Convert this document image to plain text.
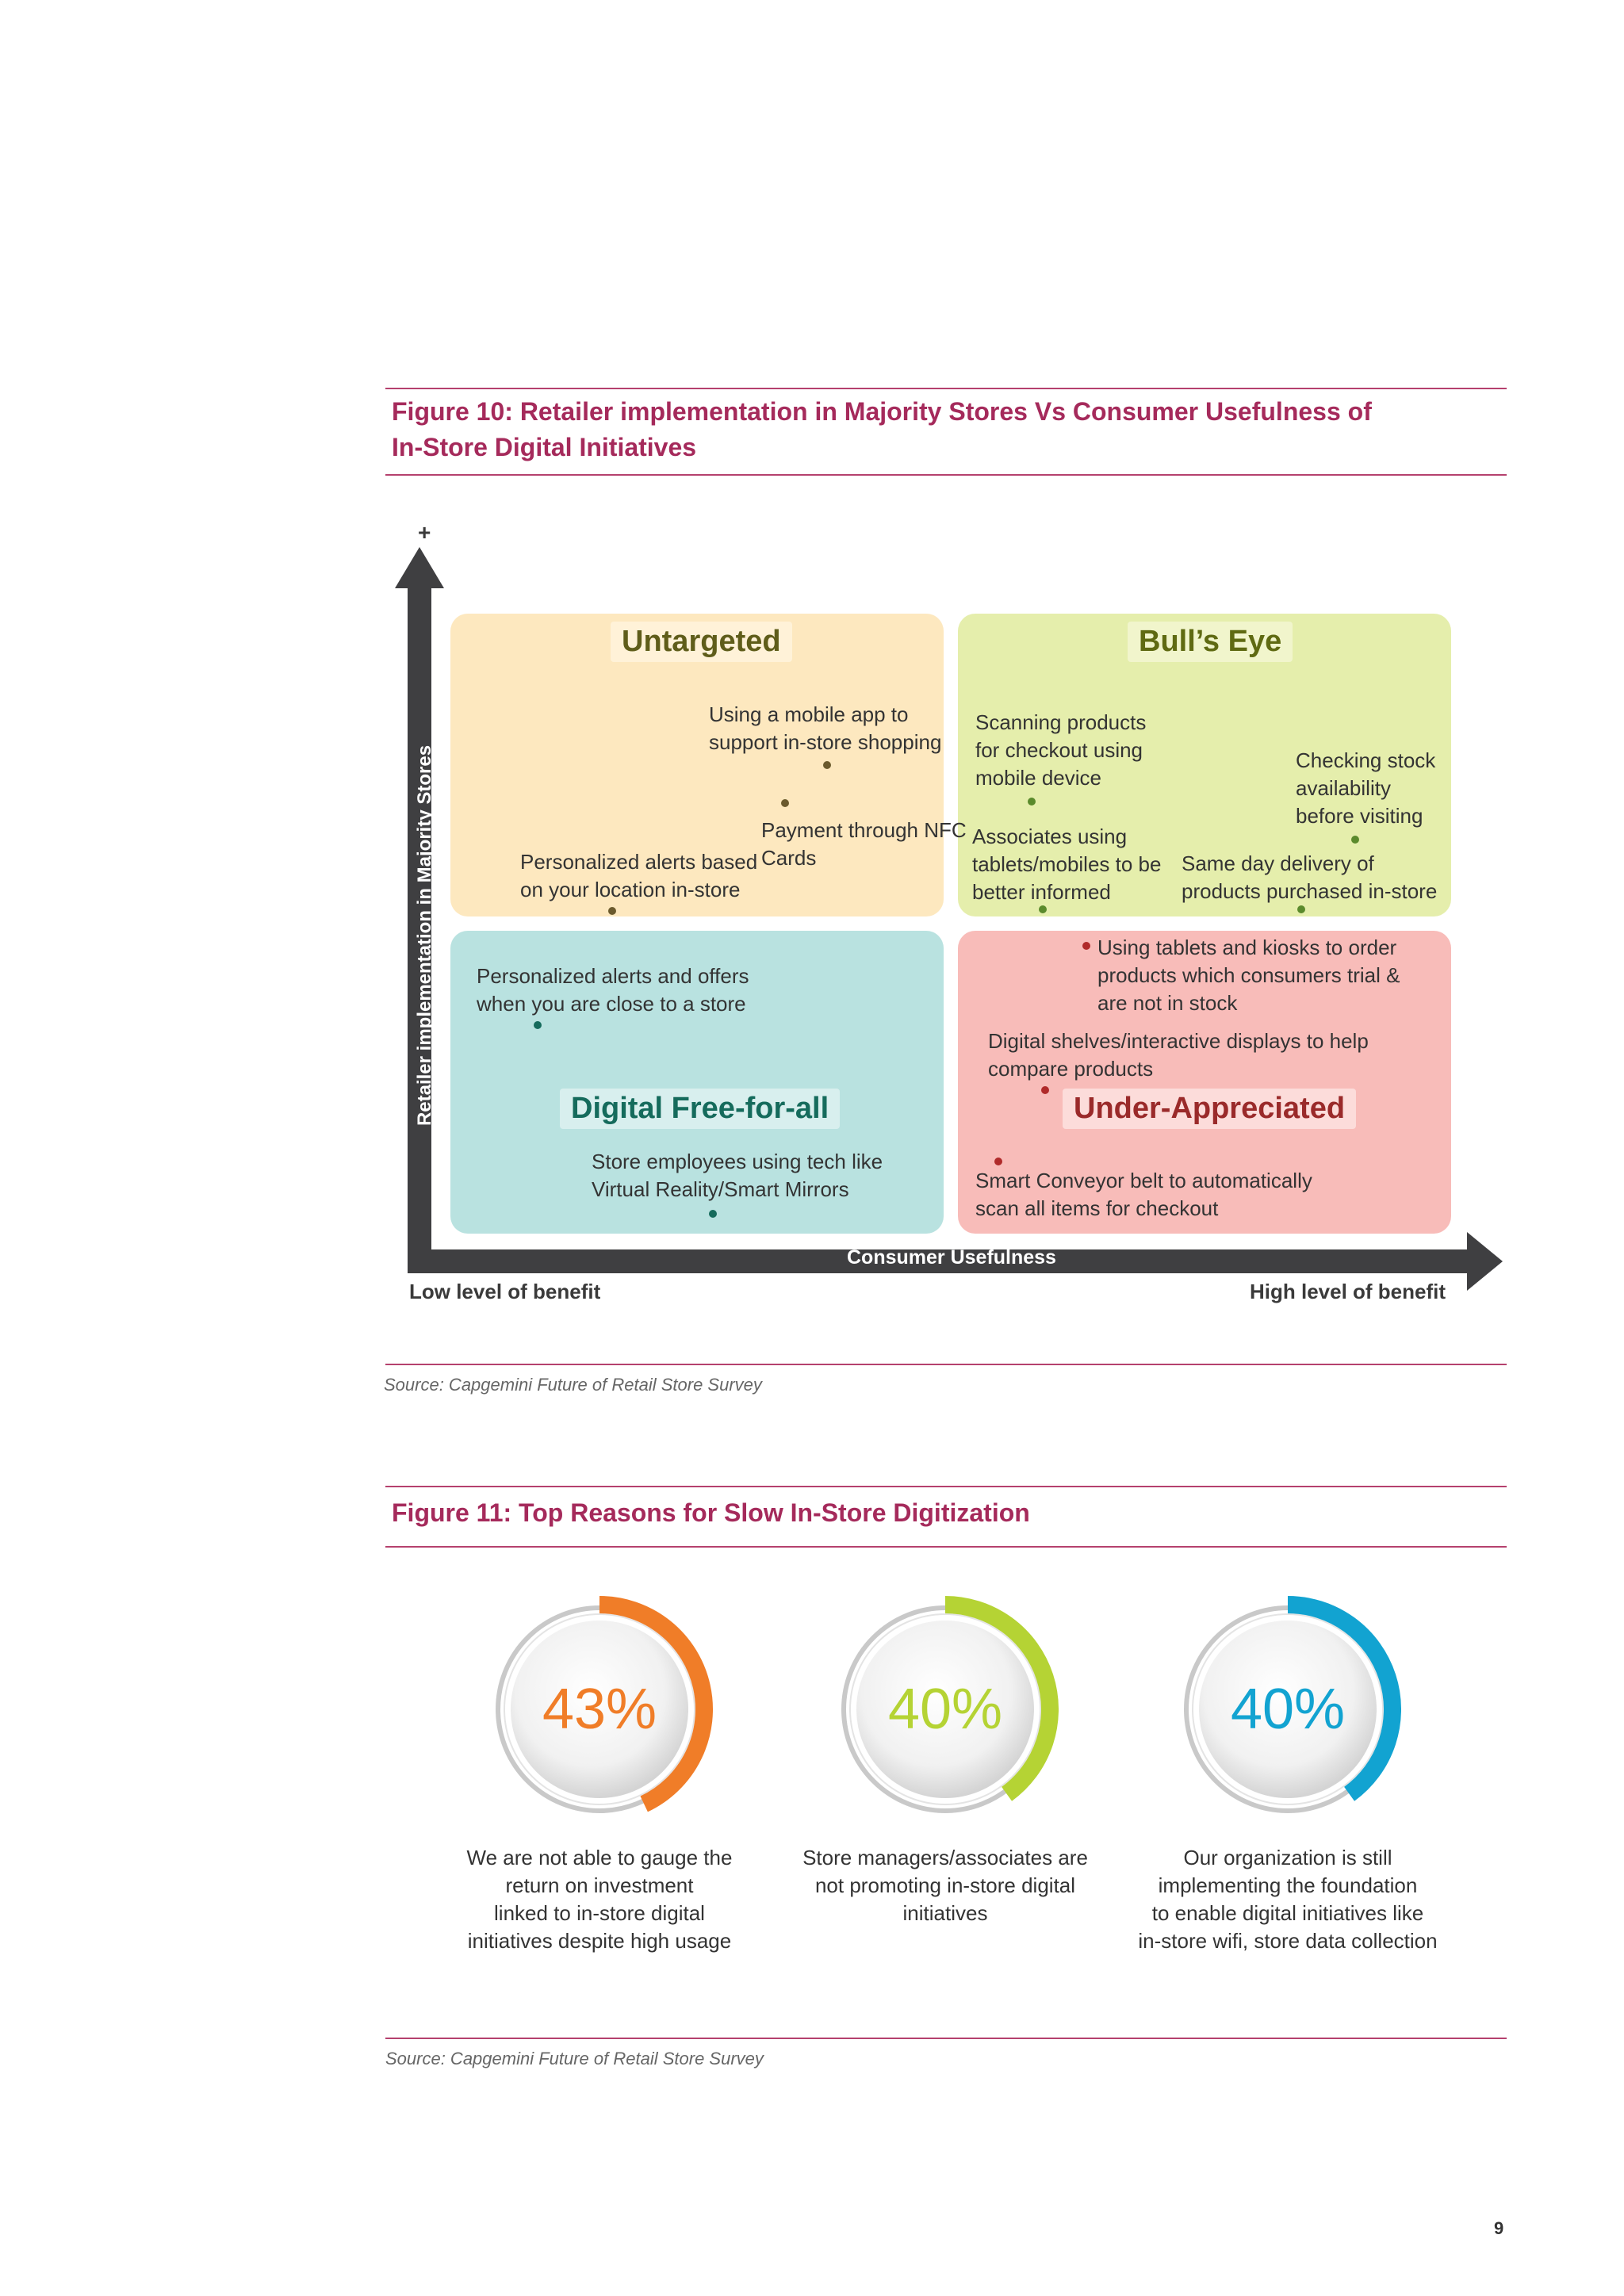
Figure 10: Retailer implementation in Majority Stores Vs Consumer Usefulness of
In-Store Digital Initiatives
+
Retailer implementation in Majority Stores
Untargeted	Bull’s Eye
Digital Free-for-all	Under-Appreciated
Using a mobile app to
support in-store shopping
Payment through NFC
Cards
Personalized alerts based
on your location in-store
Scanning products
for checkout using
mobile device
Checking stock
availability
before visiting
Associates using
tablets/mobiles to be
better informed
Same day delivery of
products purchased in-store
Personalized alerts and offers
when you are close to a store
Store employees using tech like
Virtual Reality/Smart Mirrors
Using tablets and kiosks to order
products which consumers trial &
are not in stock
Digital shelves/interactive displays to help
compare products
Smart Conveyor belt to automatically
scan all items for checkout
Consumer Usefulness
Low level of benefit	High level of benefit
Source: Capgemini Future of Retail Store Survey
Figure 11: Top Reasons for Slow In-Store Digitization
43%	40%	40%
We are not able to gauge the
return on investment
linked to in-store digital
initiatives despite high usage
Store managers/associates are
not promoting in-store digital
initiatives
Our organization is still
implementing the foundation
to enable digital initiatives like
in-store wifi, store data collection
Source: Capgemini Future of Retail Store Survey
9
